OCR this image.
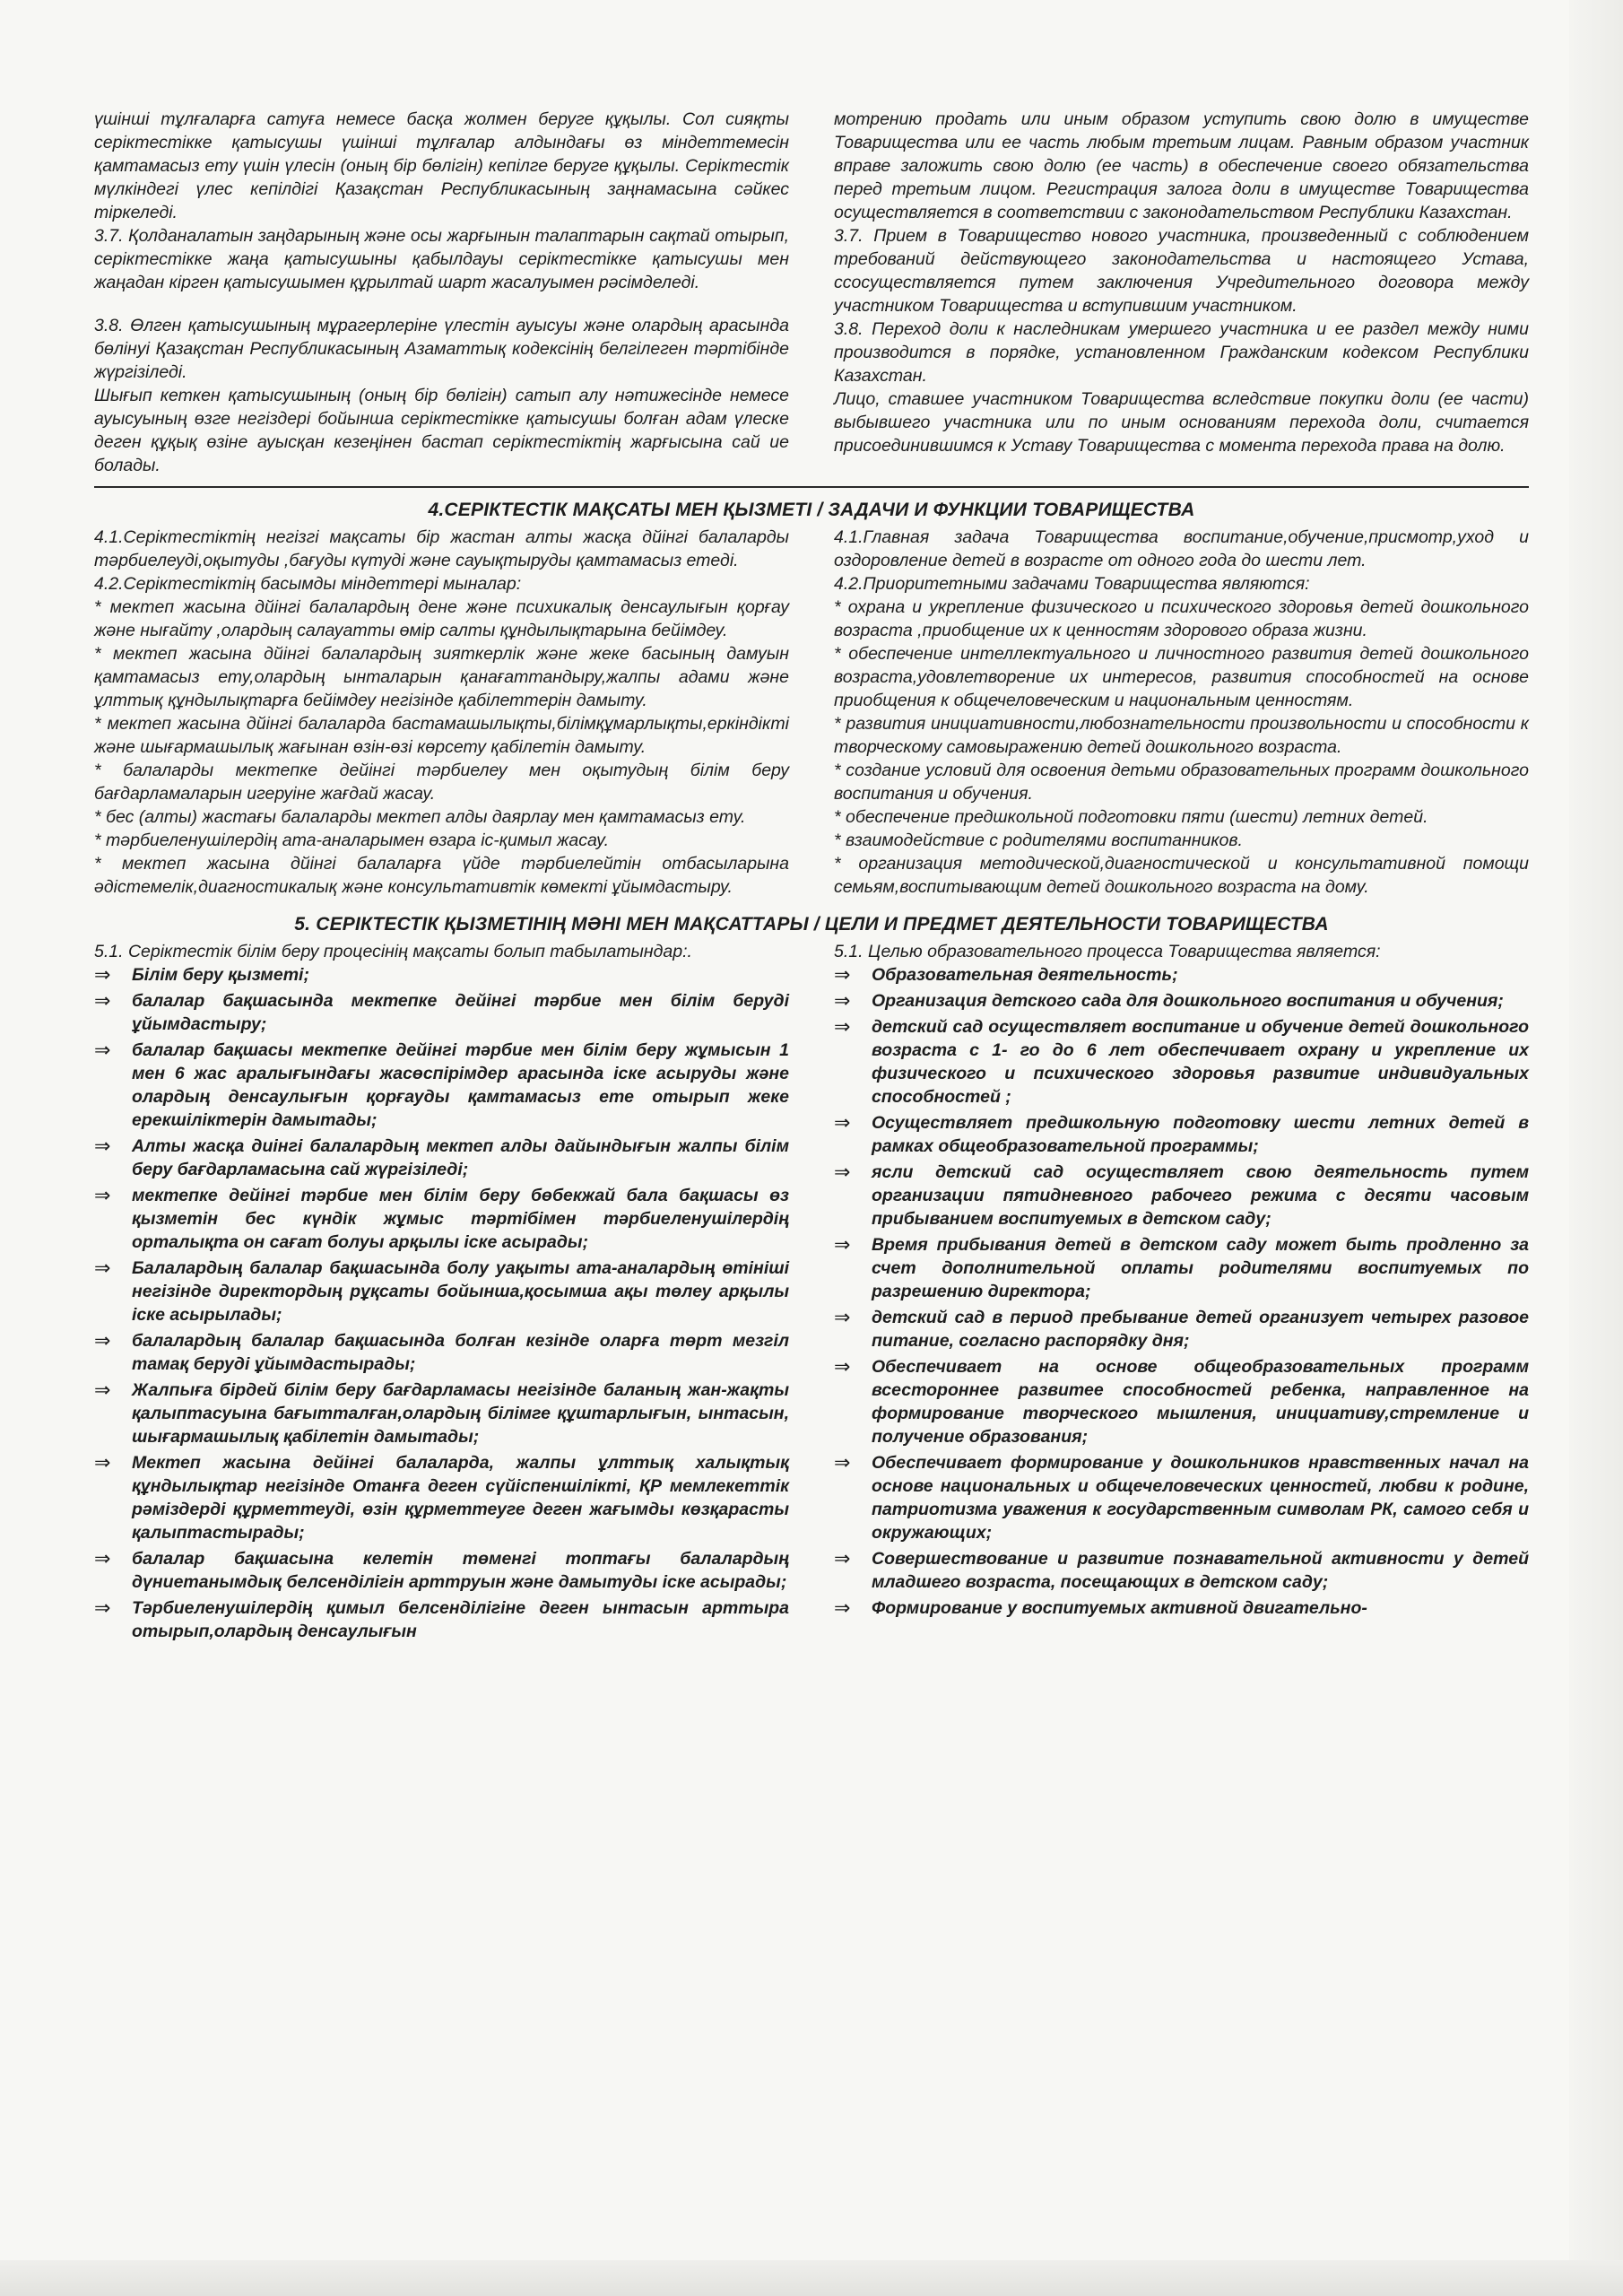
үшінші тұлғаларға сатуға немесе басқа жолмен беруге құқылы. Сол сияқты серіктестікке қатысушы үшінші тұлғалар алдындағы өз міндеттемесін қамтамасыз ету үшін үлесін (оның бір бөлігін) кепілге беруге құқылы. Серіктестік мүлкіндегі үлес кепілдігі Қазақстан Республикасының заңнамасына сәйкес тіркеледі.

3.7. Қолданалатын заңдарының және осы жарғынын талаптарын сақтай отырып, серіктестікке жаңа қатысушыны қабылдауы серіктестікке қатысушы мен жаңадан кірген қатысушымен құрылтай шарт жасалуымен рәсімделеді.

3.8. Өлген қатысушының мұрагерлеріне үлестін ауысуы және олардың арасында бөлінуі Қазақстан Республикасының Азаматтық кодексінің белгілеген тәртібінде жүргізіледі.

Шығып кеткен қатысушының (оның бір бөлігін) сатып алу нәтижесінде немесе ауысуының өзге негіздері бойынша серіктестікке қатысушы болған адам үлеске деген құқық өзіне ауысқан кезеңінен бастап серіктестіктің жарғысына сай ие болады.

мотрению продать или иным образом уступить свою долю в имуществе Товарищества или ее часть любым третьим лицам. Равным образом участник вправе заложить свою долю (ее часть) в обеспечение своего обязательства перед третьим лицом. Регистрация залога доли в имуществе Товарищества осуществляется в соответствии с законодательством Республики Казахстан.

3.7. Прием в Товарищество нового участника, произведенный с соблюдением требований действующего законодательства и настоящего Устава, ссосуществляется путем заключения Учредительного договора между участником Товарищества и вступившим участником.

3.8. Переход доли к наследникам умершего участника и ее раздел между ними производится в порядке, установленном Гражданским кодексом Республики Казахстан.

Лицо, ставшее участником Товарищества вследствие покупки доли (ее части) выбывшего участника или по иным основаниям перехода доли, считается присоединившимся к Уставу Товарищества с момента перехода права на долю.

4.СЕРІКТЕСТІК МАҚСАТЫ МЕН ҚЫЗМЕТІ / ЗАДАЧИ И ФУНКЦИИ ТОВАРИЩЕСТВА

4.1.Серіктестіктің негізгі мақсаты бір жастан алты жасқа дйінгі балаларды тәрбиелеуді,оқытуды ,бағуды күтуді және сауықтыруды қамтамасыз етеді.

4.2.Серіктестіктің басымды міндеттері мыналар:

* мектеп жасына дйінгі балалардың дене және психикалық денсаулығын қорғау және нығайту ,олардың салауатты өмір салты құндылықтарына бейімдеу.

* мектеп жасына дйінгі балалардың зияткерлік және жеке басының дамуын қамтамасыз ету,олардың ынталарын қанағаттандыру,жалпы адами және ұлттық құндылықтарға бейімдеу негізінде қабілеттерін дамыту.

* мектеп жасына дйінгі балаларда бастамашылықты,білімқұмарлықты,еркіндікті және шығармашылық жағынан өзін-өзі көрсету қабілетін дамыту.

* балаларды мектепке дейінгі тәрбиелеу мен оқытудың білім беру бағдарламаларын игеруіне жағдай жасау.

* бес (алты) жастағы балаларды мектеп алды даярлау мен қамтамасыз ету.

* тәрбиеленушілердің ата-аналарымен өзара іс-қимыл жасау.

* мектеп жасына дйінгі балаларға үйде тәрбиелейтін отбасыларына әдістемелік,диагностикалық және консультативтік көмекті ұйымдастыру.

4.1.Главная задача Товарищества воспитание,обучение,присмотр,уход и оздоровление детей в возрасте от одного года до шести лет.

4.2.Приоритетными задачами Товарищества являются:

* охрана и укрепление физического и психического здоровья детей дошкольного возраста ,приобщение их к ценностям здорового образа жизни.

* обеспечение интеллектуального и личностного развития детей дошкольного возраста,удовлетворение их интересов, развития способностей на основе приобщения к общечеловеческим и национальным ценностям.

* развития инициативности,любознательности произвольности и способности к творческому самовыражению детей дошкольного возраста.

* создание условий для освоения детьми образовательных программ дошкольного воспитания и обучения.

* обеспечение предшкольной подготовки пяти (шести) летних детей.

* взаимодействие с родителями воспитанников.

* организация методической,диагностической и консультативной помощи семьям,воспитывающим детей дошкольного возраста на дому.

5. СЕРІКТЕСТІК ҚЫЗМЕТІНІҢ МӘНІ МЕН МАҚСАТТАРЫ / ЦЕЛИ И ПРЕДМЕТ ДЕЯТЕЛЬНОСТИ ТОВАРИЩЕСТВА

5.1. Серіктестік білім беру процесінің мақсаты болып табылатындар:.

⇒	Білім беру қызметі;
⇒	балалар бақшасында мектепке дейінгі тәрбие мен білім беруді ұйымдастыру;
⇒	балалар бақшасы мектепке дейінгі тәрбие мен білім беру жұмысын 1 мен 6 жас аралығындағы жасөспірімдер арасында іске асыруды және олардың денсаулығын қорғауды қамтамасыз ете отырып жеке ерекшіліктерін дамытады;
⇒	Алты жасқа диінгі балалардың мектеп алды дайындығын жалпы білім беру бағдарламасына сай жүргізіледі;
⇒	мектепке дейінгі тәрбие мен білім беру бөбекжай бала бақшасы өз қызметін бес күндік жұмыс тәртібімен тәрбиеленушілердің орталықта он сағат болуы арқылы іске асырады;
⇒	Балалардың балалар бақшасында болу уақыты ата-аналардың өтініші негізінде директордың рұқсаты бойынша,қосымша ақы төлеу арқылы іске асырылады;
⇒	балалардың балалар бақшасында болған кезінде оларға төрт мезгіл тамақ беруді ұйымдастырады;
⇒	Жалпыға бірдей білім беру бағдарламасы негізінде баланың жан-жақты қалыптасуына бағытталған,олардың білімге құштарлығын, ынтасын, шығармашылық қабілетін дамытады;
⇒	Мектеп жасына дейінгі балаларда, жалпы ұлттық халықтық құндылықтар негізінде Отанға деген сүйіспеншілікті, ҚР мемлекеттік рәміздерді құрметтеуді, өзін құрметтеуге деген жағымды көзқарасты қалыптастырады;
⇒	балалар бақшасына келетін төменгі топтағы балалардың дүниетанымдық белсенділігін арттруын және дамытуды іске асырады;
⇒	Тәрбиеленушілердің қимыл белсенділігіне деген ынтасын арттыра отырып,олардың денсаулығын

5.1. Целью образовательного процесса Товарищества является:

⇒	Образовательная деятельность;
⇒	Организация детского сада для дошкольного воспитания и обучения;
⇒	детский сад осуществляет воспитание и обучение детей дошкольного возраста с 1- го до 6 лет обеспечивает охрану и укрепление их физического и психического здоровья развитие индивидуальных способностей ;
⇒	Осуществляет предшкольную подготовку шести летних детей в рамках общеобразовательной программы;
⇒	ясли детский сад осуществляет свою деятельность путем организации пятидневного рабочего режима с десяти часовым прибыванием воспитуемых в детском саду;
⇒	Время прибывания детей в детском саду может быть продленно за счет дополнительной оплаты родителями воспитуемых по разрешению директора;
⇒	детский сад в период пребывание детей организует четырех разовое питание, согласно распорядку дня;
⇒	Обеспечивает на основе общеобразовательных программ всестороннее развитее способностей ребенка, направленное на формирование творческого мышления, инициативу,стремление и получение образования;
⇒	Обеспечивает формирование у дошкольников нравственных начал на основе национальных и общечеловеческих ценностей, любви к родине, патриотизма уважения к государственным символам РК, самого себя и окружающих;
⇒	Совершествование и развитие познавательной активности у детей младшего возраста, посещающих в детском саду;
⇒	Формирование у воспитуемых активной двигательно-
